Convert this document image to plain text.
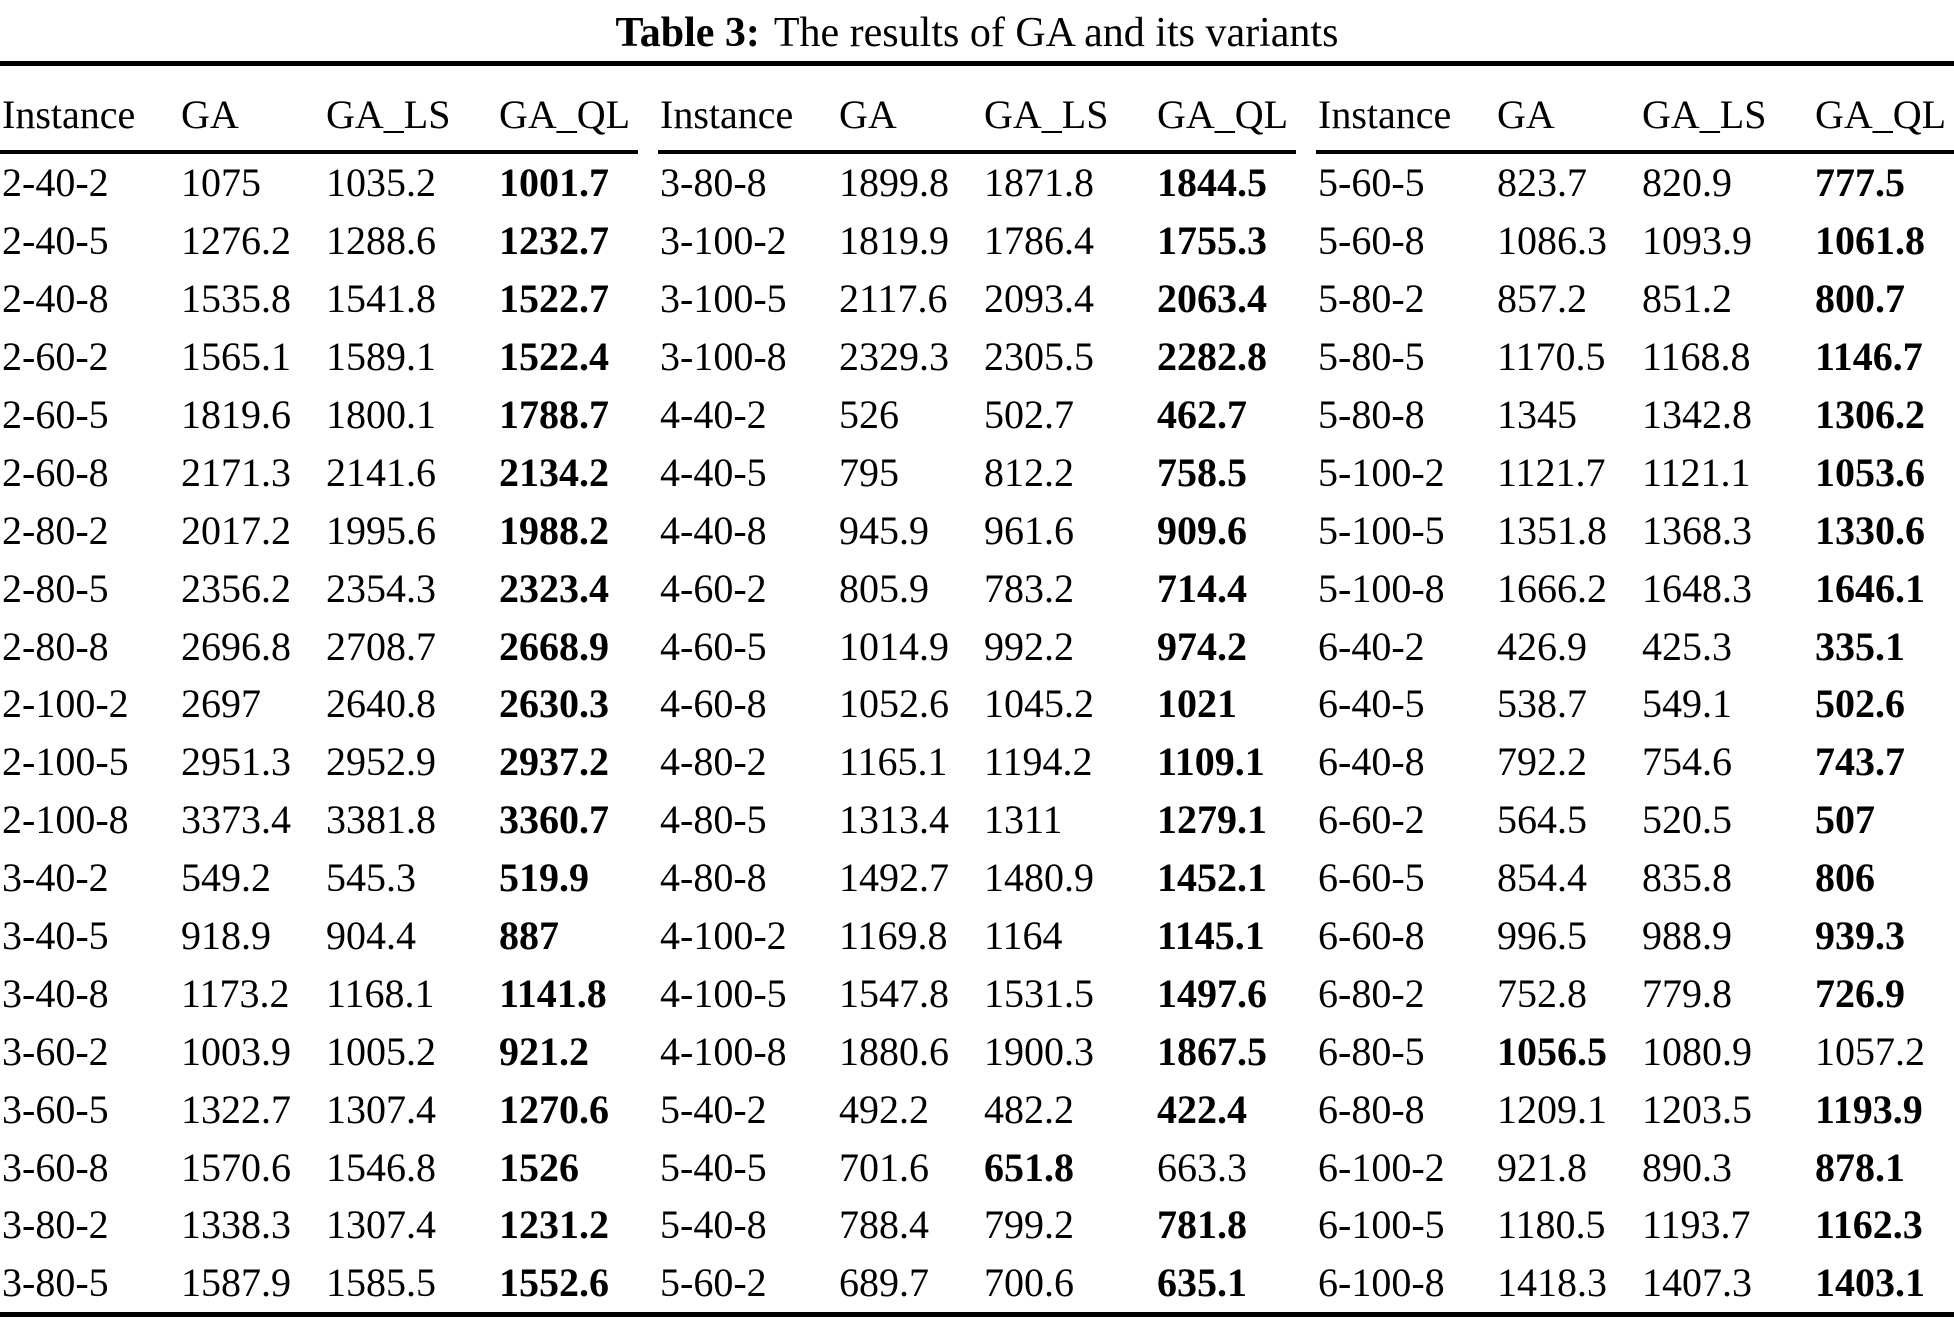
Table 3: The results of GA and its variants
Instance	GA	GA_LS	GA_QL
2-40-2	1075	1035.2	1001.7
2-40-5	1276.2 1288.6	1232.7
2-40-8	1535.8 1541.8	1522.7
2-60-2	1565.1 1589.1	1522.4
2-60-5	1819.6 1800.1	1788.7
2-60-8	2171.3 2141.6	2134.2
2-80-2	2017.2 1995.6	1988.2
2-80-5	2356.2 2354.3	2323.4
2-80-8	2696.8 2708.7	2668.9
2-100-2	2697	2640.8	2630.3
2-100-5	2951.3 2952.9	2937.2
2-100-8	3373.4 3381.8	3360.7
3-40-2	549.2	545.3	519.9
3-40-5	918.9	904.4	887
3-40-8	1173.2 1168.1	1141.8
3-60-2	1003.9 1005.2	921.2
3-60-5	1322.7 1307.4	1270.6
3-60-8	1570.6 1546.8	1526
3-80-2	1338.3 1307.4	1231.2
3-80-5	1587.9 1585.5	1552.6
Instance	GA	GA_LS	GA_QL
3-80-8	1899.8 1871.8	1844.5
3-100-2	1819.9 1786.4	1755.3
3-100-5	2117.6 2093.4	2063.4
3-100-8	2329.3 2305.5	2282.8
4-40-2	526	502.7	462.7
4-40-5	795	812.2	758.5
4-40-8	945.9	961.6	909.6
4-60-2	805.9	783.2	714.4
4-60-5	1014.9 992.2	974.2
4-60-8	1052.6 1045.2	1021
4-80-2	1165.1 1194.2	1109.1
4-80-5	1313.4 1311	1279.1
4-80-8	1492.7 1480.9	1452.1
4-100-2	1169.8 1164	1145.1
4-100-5	1547.8 1531.5	1497.6
4-100-8	1880.6 1900.3	1867.5
5-40-2	492.2	482.2	422.4
5-40-5	701.6	651.8	663.3
5-40-8	788.4	799.2	781.8
5-60-2	689.7	700.6	635.1
Instance	GA	GA_LS	GA_QL
5-60-5	823.7	820.9	777.5
5-60-8	1086.3 1093.9	1061.8
5-80-2	857.2	851.2	800.7
5-80-5	1170.5 1168.8	1146.7
5-80-8	1345	1342.8	1306.2
5-100-2	1121.7 1121.1	1053.6
5-100-5	1351.8 1368.3	1330.6
5-100-8	1666.2 1648.3	1646.1
6-40-2	426.9	425.3	335.1
6-40-5	538.7	549.1	502.6
6-40-8	792.2	754.6	743.7
6-60-2	564.5	520.5	507
6-60-5	854.4	835.8	806
6-60-8	996.5	988.9	939.3
6-80-2	752.8	779.8	726.9
6-80-5	1056.5 1080.9	1057.2
6-80-8	1209.1 1203.5	1193.9
6-100-2	921.8	890.3	878.1
6-100-5	1180.5 1193.7	1162.3
6-100-8	1418.3 1407.3	1403.1
